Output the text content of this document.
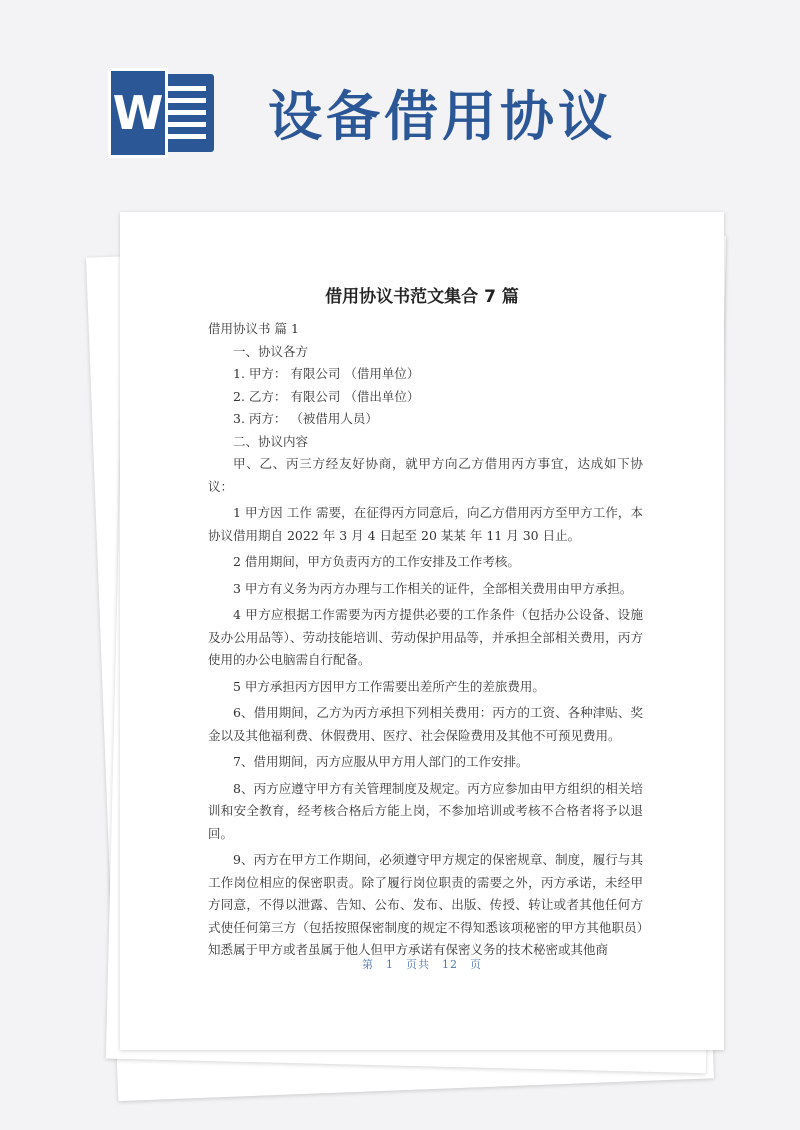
W 设备借用协议
借用协议书范文集合 7 篇

借用协议书 篇 1

一、协议各方

1. 甲方： 有限公司 （借用单位）

2. 乙方： 有限公司 （借出单位）

3. 丙方： （被借用人员）

二、协议内容

甲、乙、丙三方经友好协商，就甲方向乙方借用丙方事宜，达成如下协议：

1 甲方因 工作 需要，在征得丙方同意后，向乙方借用丙方至甲方工作，本协议借用期自 2022 年 3 月 4 日起至 20 某某 年 11 月 30 日止。

2 借用期间，甲方负责丙方的工作安排及工作考核。

3 甲方有义务为丙方办理与工作相关的证件，全部相关费用由甲方承担。

4 甲方应根据工作需要为丙方提供必要的工作条件（包括办公设备、设施及办公用品等）、劳动技能培训、劳动保护用品等，并承担全部相关费用，丙方使用的办公电脑需自行配备。

5 甲方承担丙方因甲方工作需要出差所产生的差旅费用。

6、借用期间，乙方为丙方承担下列相关费用：丙方的工资、各种津贴、奖金以及其他福利费、休假费用、医疗、社会保险费用及其他不可预见费用。

7、借用期间，丙方应服从甲方用人部门的工作安排。

8、丙方应遵守甲方有关管理制度及规定。丙方应参加由甲方组织的相关培训和安全教育，经考核合格后方能上岗，不参加培训或考核不合格者将予以退回。

9、丙方在甲方工作期间，必须遵守甲方规定的保密规章、制度，履行与其工作岗位相应的保密职责。除了履行岗位职责的需要之外，丙方承诺，未经甲方同意，不得以泄露、告知、公布、发布、出版、传授、转让或者其他任何方式使任何第三方（包括按照保密制度的规定不得知悉该项秘密的甲方其他职员）知悉属于甲方或者虽属于他人但甲方承诺有保密义务的技术秘密或其他商

第 1 页共 12 页
